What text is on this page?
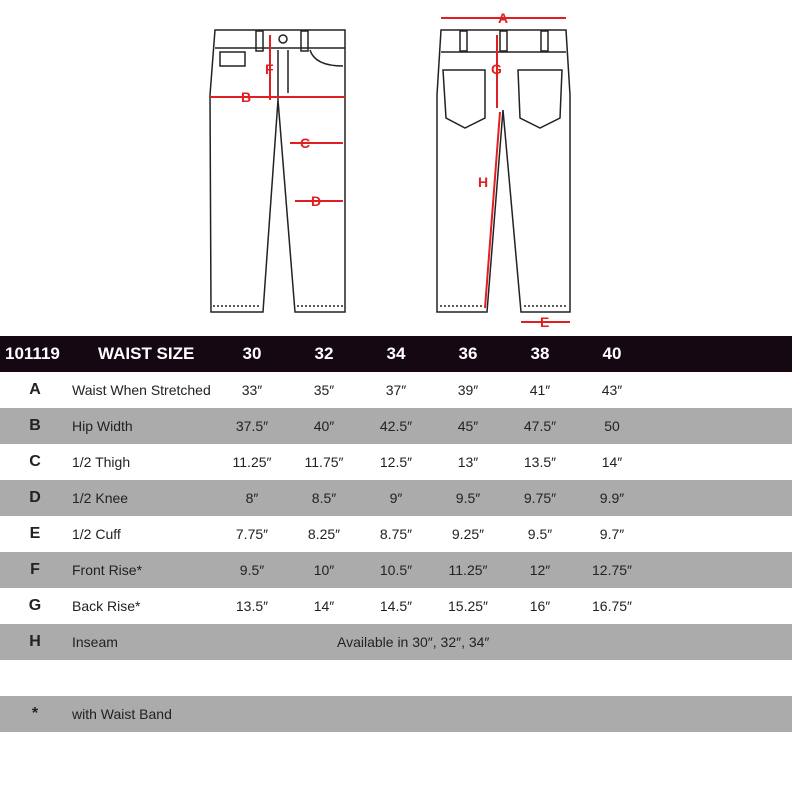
A
B
F
C
D
G
H
E
101119 WAIST SIZE	30	32	34	36	38	40
A	Waist When Stretched	33″	35″	37″	39″	41″	43″
B	Hip Width	37.5″	40″	42.5″	45″	47.5″	50
C	1/2 Thigh	11.25″	11.75″	12.5″	13″	13.5″	14″
D	1/2 Knee	8″	8.5″	9″	9.5″	9.75″	9.9″
E	1/2 Cuff	7.75″	8.25″	8.75″	9.25″	9.5″	9.7″
F	Front Rise*	9.5″	10″	10.5″	11.25″	12″	12.75″
G	Back Rise*	13.5″	14″	14.5″	15.25″	16″	16.75″
H	Inseam	Available in 30″, 32″, 34″
*	with Waist Band
